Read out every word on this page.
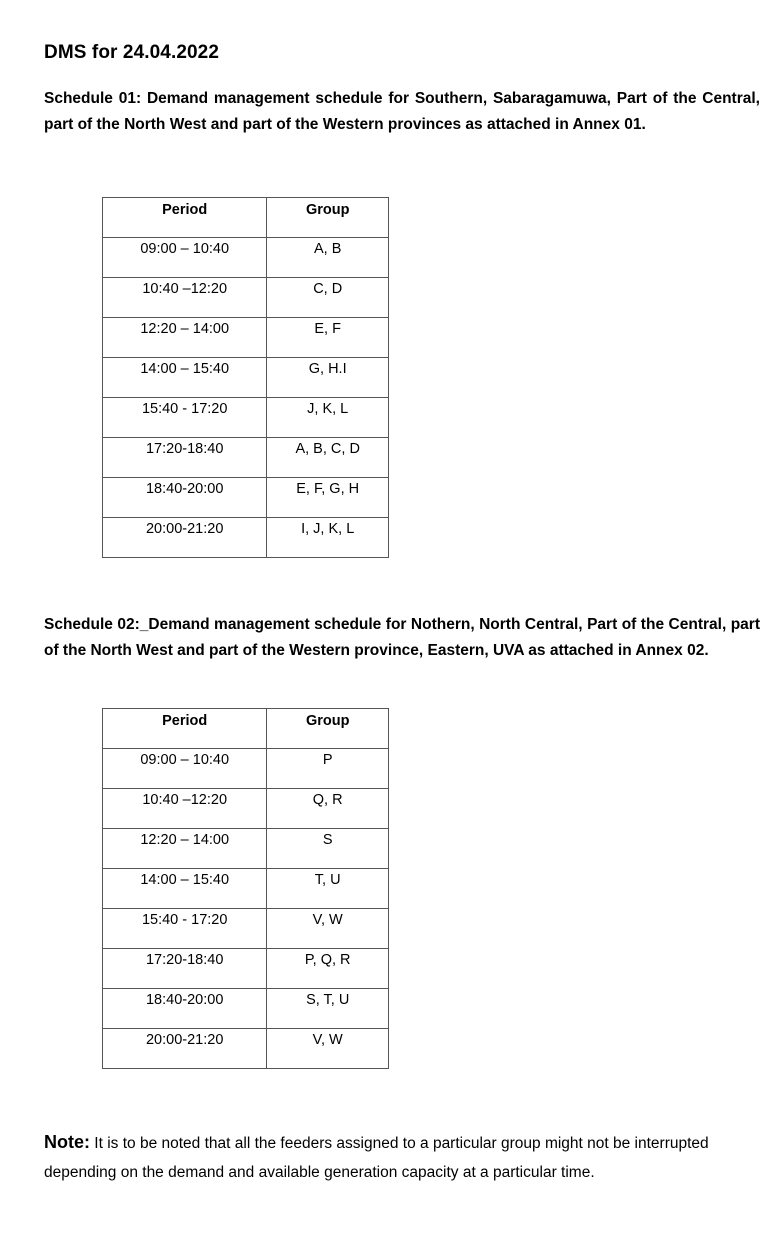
DMS for 24.04.2022
Schedule 01: Demand management schedule for Southern, Sabaragamuwa, Part of the Central, part of the North West and part of the Western provinces as attached in Annex 01.
Period	Group
09:00 – 10:40	A, B
10:40 –12:20	C, D
12:20 – 14:00	E, F
14:00 – 15:40	G, H.I
15:40 - 17:20	J, K, L
17:20-18:40	A, B, C, D
18:40-20:00	E, F, G, H
20:00-21:20	I, J, K, L
Schedule 02:_Demand management schedule for Nothern, North Central, Part of the Central, part of the North West and part of the Western province, Eastern, UVA as attached in Annex 02.
Period	Group
09:00 – 10:40	P
10:40 –12:20	Q, R
12:20 – 14:00	S
14:00 – 15:40	T, U
15:40 - 17:20	V, W
17:20-18:40	P, Q, R
18:40-20:00	S, T, U
20:00-21:20	V, W
Note: It is to be noted that all the feeders assigned to a particular group might not be interrupted depending on the demand and available generation capacity at a particular time.
